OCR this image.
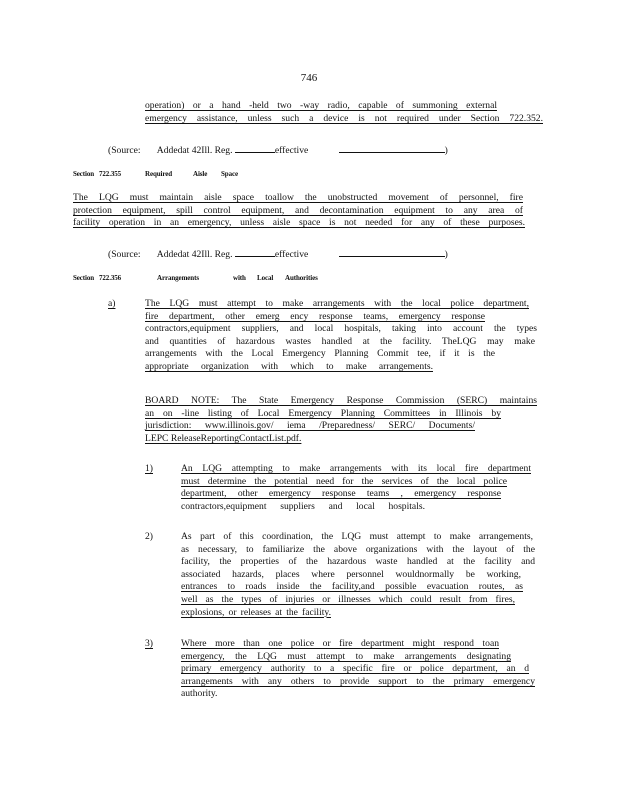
746
operation) or a hand -held two -way radio, capable of summoning external
emergency assistance, unless such a device is not required under Section 722.352.
(Source: Addedat 42Ill. Reg.	effective	)
Section 722.355	Required	Aisle Space
The LQG must maintain aisle space toallow the unobstructed movement of personnel, fire
protection equipment, spill control equipment, and decontamination equipment to any area of
facility operation in an emergency, unless aisle space is not needed for any of these purposes.
(Source: Addedat 42Ill. Reg.	effective	)
Section 722.356	Arrangements	with Local Authorities
a)	The LQG must attempt to make arrangements with the local police department,
fire department, other emerg ency response teams, emergency response
contractors,equipment suppliers, and local hospitals, taking into account the types
and quantities of hazardous wastes handled at the facility. TheLQG may make
arrangements with the Local Emergency Planning Commit tee, if it is the
appropriate organization with which to make arrangements.
BOARD NOTE: The State Emergency Response Commission (SERC) maintains
an on -line listing of Local Emergency Planning Committees in Illinois by
jurisdiction: www.illinois.gov/ iema /Preparedness/ SERC/ Documents/
LEPC ReleaseReportingContactList.pdf.
1)	An LQG attempting to make arrangements with its local fire department
must determine the potential need for the services of the local police
department, other emergency response teams , emergency response
contractors,equipment suppliers and local hospitals.
2)	As part of this coordination, the LQG must attempt to make arrangements,
as necessary, to familiarize the above organizations with the layout of the
facility, the properties of the hazardous waste handled at the facility and
associated hazards, places where personnel wouldnormally be working,
entrances to roads inside the facility,and possible evacuation routes, as
well as the types of injuries or illnesses which could result from fires,
explosions, or releases at the facility.
3)	Where more than one police or fire department might respond toan
emergency, the LQG must attempt to make arrangements designating
primary emergency authority to a specific fire or police department, an d
arrangements with any others to provide support to the primary emergency
authority.
